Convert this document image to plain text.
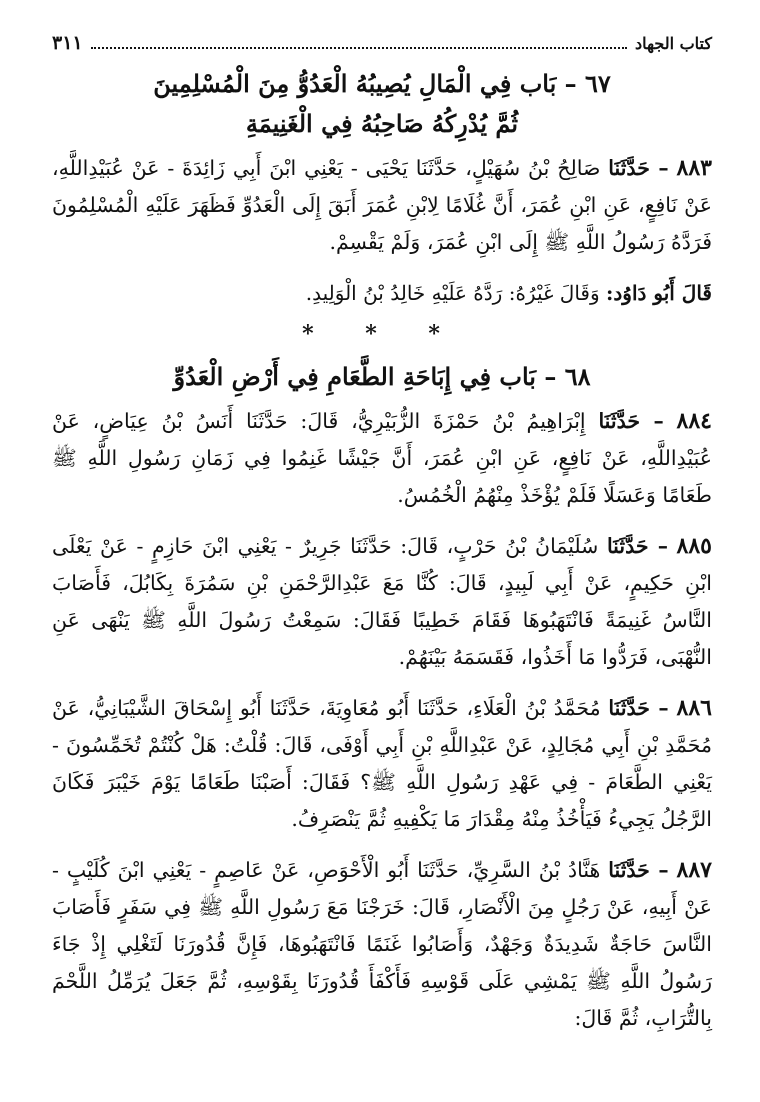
كتاب الجهاد
٣١١
٦٧ – بَاب فِي الْمَالِ يُصِيبُهُ الْعَدُوُّ مِنَ الْمُسْلِمِينَ
ثُمَّ يُدْرِكُهُ صَاحِبُهُ فِي الْغَنِيمَةِ

٨٨٣ – حَدَّثَنَا صَالِحُ بْنُ سُهَيْلٍ، حَدَّثَنَا يَحْيَى - يَعْنِي ابْنَ أَبِي زَائِدَةَ - عَنْ عُبَيْدِاللَّهِ، عَنْ نَافِعٍ، عَنِ ابْنِ عُمَرَ، أَنَّ غُلَامًا لِابْنِ عُمَرَ أَبَقَ إِلَى الْعَدُوِّ فَظَهَرَ عَلَيْهِ الْمُسْلِمُونَ فَرَدَّهُ رَسُولُ اللَّهِ ﷺ إِلَى ابْنِ عُمَرَ، وَلَمْ يَقْسِمْ.

قَالَ أَبُو دَاوُد: وَقَالَ غَيْرُهُ: رَدَّهُ عَلَيْهِ خَالِدُ بْنُ الْوَلِيدِ.

* * *
٦٨ – بَاب فِي إِبَاحَةِ الطَّعَامِ فِي أَرْضِ الْعَدُوِّ

٨٨٤ – حَدَّثَنَا إِبْرَاهِيمُ بْنُ حَمْزَةَ الزُّبَيْرِيُّ، قَالَ: حَدَّثَنَا أَنَسُ بْنُ عِيَاضٍ، عَنْ عُبَيْدِاللَّهِ، عَنْ نَافِعٍ، عَنِ ابْنِ عُمَرَ، أَنَّ جَيْشًا غَنِمُوا فِي زَمَانِ رَسُولِ اللَّهِ ﷺ طَعَامًا وَعَسَلًا فَلَمْ يُؤْخَذْ مِنْهُمُ الْخُمُسُ.

٨٨٥ – حَدَّثَنَا سُلَيْمَانُ بْنُ حَرْبٍ، قَالَ: حَدَّثَنَا جَرِيرٌ - يَعْنِي ابْنَ حَازِمٍ - عَنْ يَعْلَى ابْنِ حَكِيمٍ، عَنْ أَبِي لَبِيدٍ، قَالَ: كُنَّا مَعَ عَبْدِالرَّحْمَنِ بْنِ سَمُرَةَ بِكَابُلَ، فَأَصَابَ النَّاسُ غَنِيمَةً فَانْتَهَبُوهَا فَقَامَ خَطِيبًا فَقَالَ: سَمِعْتُ رَسُولَ اللَّهِ ﷺ يَنْهَى عَنِ النُّهْبَى، فَرَدُّوا مَا أَخَذُوا، فَقَسَمَهُ بَيْنَهُمْ.

٨٨٦ – حَدَّثَنَا مُحَمَّدُ بْنُ الْعَلَاءِ، حَدَّثَنَا أَبُو مُعَاوِيَةَ، حَدَّثَنَا أَبُو إِسْحَاقَ الشَّيْبَانِيُّ، عَنْ مُحَمَّدِ بْنِ أَبِي مُجَالِدٍ، عَنْ عَبْدِاللَّهِ بْنِ أَبِي أَوْفَى، قَالَ: قُلْتُ: هَلْ كُنْتُمْ تُخَمِّسُونَ - يَعْنِي الطَّعَامَ - فِي عَهْدِ رَسُولِ اللَّهِ ﷺ؟ فَقَالَ: أَصَبْنَا طَعَامًا يَوْمَ خَيْبَرَ فَكَانَ الرَّجُلُ يَجِيءُ فَيَأْخُذُ مِنْهُ مِقْدَارَ مَا يَكْفِيهِ ثُمَّ يَنْصَرِفُ.

٨٨٧ – حَدَّثَنَا هَنَّادُ بْنُ السَّرِيِّ، حَدَّثَنَا أَبُو الْأَحْوَصِ، عَنْ عَاصِمٍ - يَعْنِي ابْنَ كُلَيْبٍ - عَنْ أَبِيهِ، عَنْ رَجُلٍ مِنَ الْأَنْصَارِ، قَالَ: خَرَجْنَا مَعَ رَسُولِ اللَّهِ ﷺ فِي سَفَرٍ فَأَصَابَ النَّاسَ حَاجَةٌ شَدِيدَةٌ وَجَهْدٌ، وَأَصَابُوا غَنَمًا فَانْتَهَبُوهَا، فَإِنَّ قُدُورَنَا لَتَغْلِي إِذْ جَاءَ رَسُولُ اللَّهِ ﷺ يَمْشِي عَلَى قَوْسِهِ فَأَكْفَأَ قُدُورَنَا بِقَوْسِهِ، ثُمَّ جَعَلَ يُرَمِّلُ اللَّحْمَ بِالتُّرَابِ، ثُمَّ قَالَ:
